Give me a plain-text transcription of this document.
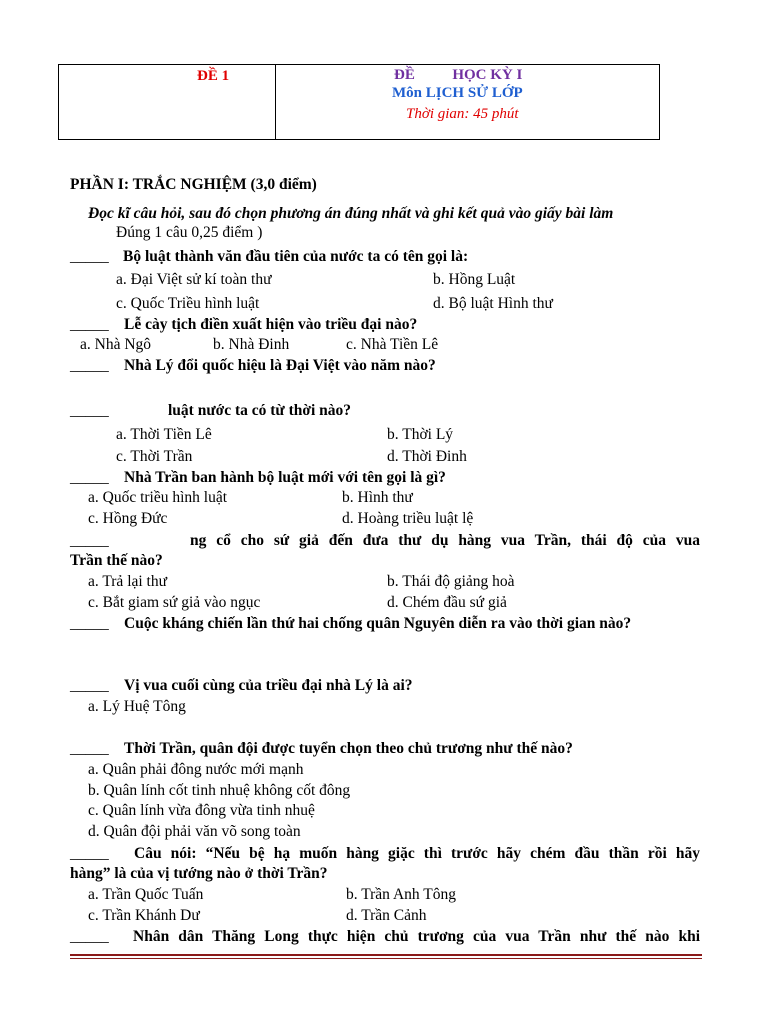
ĐỀ 1	ĐỀ          HỌC KỲ I
Môn LỊCH SỬ LỚP
Thời gian: 45 phút
PHẦN I: TRẮC NGHIỆM (3,0 điểm)
Đọc kĩ câu hỏi, sau đó chọn phương án đúng nhất và ghi kết quả vào giấy bài làm
Đúng 1 câu 0,25 điểm )
_____ Bộ luật thành văn đầu tiên của nước ta có tên gọi là:
a. Đại Việt sử kí toàn thư	b. Hồng Luật
c. Quốc Triều hình luật	d. Bộ luật Hình thư
_____ Lễ cày tịch điền xuất hiện vào triều đại nào?
a. Nhà Ngô	b. Nhà Đinh	c. Nhà Tiền Lê
_____ Nhà Lý đổi quốc hiệu là Đại Việt vào năm nào?
_____	luật nước ta có từ thời nào?
a. Thời Tiền Lê	b. Thời Lý
c. Thời Trần	d. Thời Đinh
_____ Nhà Trần ban hành bộ luật mới với tên gọi là gì?
a. Quốc triều hình luật	b. Hình thư
c. Hồng Đức	d. Hoàng triều luật lệ
_____	ng cổ cho sứ giả đến đưa thư dụ hàng vua Trần, thái độ của vua
Trần thế nào?
a. Trả lại thư	b. Thái độ giảng hoà
c. Bắt giam sứ giả vào ngục	d. Chém đầu sứ giả
_____ Cuộc kháng chiến lần thứ hai chống quân Nguyên diễn ra vào thời gian nào?
_____ Vị vua cuối cùng của triều đại nhà Lý là ai?
a. Lý Huệ Tông
_____ Thời Trần, quân đội được tuyển chọn theo chủ trương như thế nào?
a. Quân phải đông nước mới mạnh
b. Quân lính cốt tinh nhuệ không cốt đông
c. Quân lính vừa đông vừa tinh nhuệ
d. Quân đội phải văn võ song toàn
_____ Câu nói: “Nếu bệ hạ muốn hàng giặc thì trước hãy chém đầu thần rồi hãy
hàng” là của vị tướng nào ở thời Trần?
a. Trần Quốc Tuấn	b. Trần Anh Tông
c. Trần Khánh Dư	d. Trần Cảnh
_____ Nhân dân Thăng Long thực hiện chủ trương của vua Trần như thế nào khi
